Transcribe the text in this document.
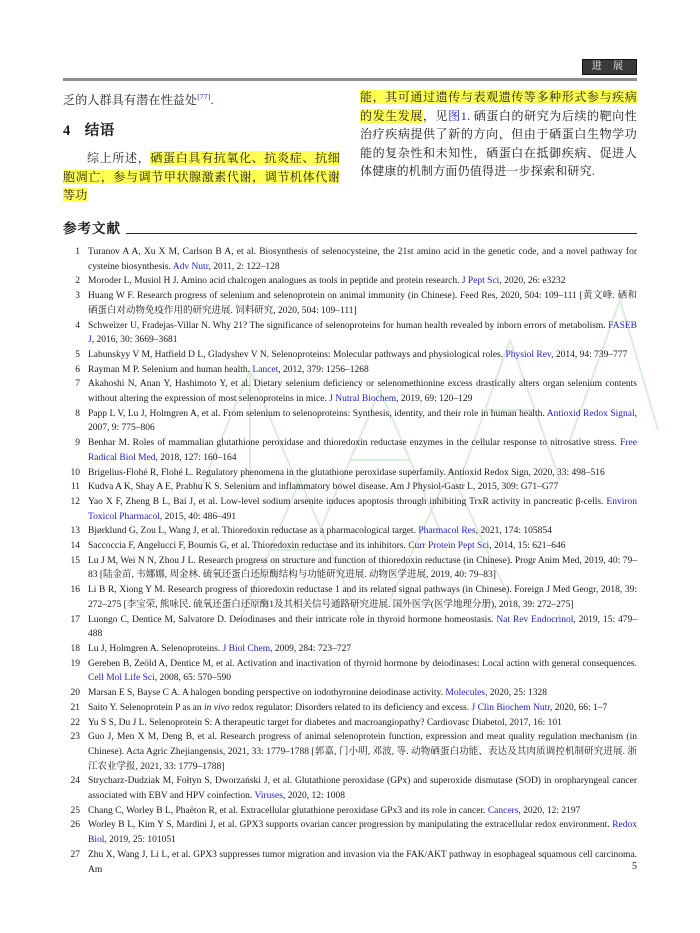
进 展

乏的人群具有潜在性益处[77].

4 结语

综上所述，硒蛋白具有抗氧化、抗炎症、抗细胞凋亡，参与调节甲状腺激素代谢，调节机体代谢等功

能，其可通过遗传与表观遗传等多种形式参与疾病的发生发展，见图1. 硒蛋白的研究为后续的靶向性治疗疾病提供了新的方向，但由于硒蛋白生物学功能的复杂性和未知性，硒蛋白在抵御疾病、促进人体健康的机制方面仍值得进一步探索和研究.

参考文献
1 Turanov A A, Xu X M, Carlson B A, et al. Biosynthesis of selenocysteine, the 21st amino acid in the genetic code, and a novel pathway for cysteine biosynthesis. Adv Nutr, 2011, 2: 122–128
2 Moroder L, Musiol H J. Amino acid chalcogen analogues as tools in peptide and protein research. J Pept Sci, 2020, 26: e3232
3 Huang W F. Research progress of selenium and selenoprotein on animal immunity (in Chinese). Feed Res, 2020, 504: 109–111 [黄文峰. 硒和硒蛋白对动物免疫作用的研究进展. 饲料研究, 2020, 504: 109–111]
4 Schweizer U, Fradejas-Villar N. Why 21? The significance of selenoproteins for human health revealed by inborn errors of metabolism. FASEB J, 2016, 30: 3669–3681
5 Labunskyy V M, Hatfield D L, Gladyshev V N. Selenoproteins: Molecular pathways and physiological roles. Physiol Rev, 2014, 94: 739–777
6 Rayman M P. Selenium and human health. Lancet, 2012, 379: 1256–1268
7 Akahoshi N, Anan Y, Hashimoto Y, et al. Dietary selenium deficiency or selenomethionine excess drastically alters organ selenium contents without altering the expression of most selenoproteins in mice. J Nutral Biochem, 2019, 69: 120–129
8 Papp L V, Lu J, Holmgren A, et al. From selenium to selenoproteins: Synthesis, identity, and their role in human health. Antioxid Redox Signal, 2007, 9: 775–806
9 Benhar M. Roles of mammalian glutathione peroxidase and thioredoxin reductase enzymes in the cellular response to nitrosative stress. Free Radical Biol Med, 2018, 127: 160–164
10 Brigelius-Flohé R, Flohé L. Regulatory phenomena in the glutathione peroxidase superfamily. Antioxid Redox Sign, 2020, 33: 498–516
11 Kudva A K, Shay A E, Prabhu K S. Selenium and inflammatory bowel disease. Am J Physiol-Gastr L, 2015, 309: G71–G77
12 Yao X F, Zheng B L, Bai J, et al. Low-level sodium arsenite induces apoptosis through inhibiting TrxR activity in pancreatic β-cells. Environ Toxicol Pharmacol, 2015, 40: 486–491
13 Bjørklund G, Zou L, Wang J, et al. Thioredoxin reductase as a pharmacological target. Pharmacol Res, 2021, 174: 105854
14 Saccoccia F, Angelucci F, Boumis G, et al. Thioredoxin reductase and its inhibitors. Curr Protein Pept Sci, 2014, 15: 621–646
15 Lu J M, Wei N N, Zhou J L. Research progress on structure and function of thioredoxin reductase (in Chinese). Progr Anim Med, 2019, 40: 79–83 [陆金苗, 韦娜娜, 周金林. 硫氧还蛋白还原酶结构与功能研究进展. 动物医学进展, 2019, 40: 79–83]
16 Li B R, Xiong Y M. Research progress of thioredoxin reductase 1 and its related signal pathways (in Chinese). Foreign J Med Geogr, 2018, 39: 272–275 [李宝荣, 熊咏民. 硫氧还蛋白还原酶1及其相关信号通路研究进展. 国外医学(医学地理分册), 2018, 39: 272–275]
17 Luongo C, Dentice M, Salvatore D. Deiodinases and their intricate role in thyroid hormone homeostasis. Nat Rev Endocrinol, 2019, 15: 479–488
18 Lu J, Holmgren A. Selenoproteins. J Biol Chem, 2009, 284: 723–727
19 Gereben B, Zeöld A, Dentice M, et al. Activation and inactivation of thyroid hormone by deiodinases: Local action with general consequences. Cell Mol Life Sci, 2008, 65: 570–590
20 Marsan E S, Bayse C A. A halogen bonding perspective on iodothyronine deiodinase activity. Molecules, 2020, 25: 1328
21 Saito Y. Selenoprotein P as an in vivo redox regulator: Disorders related to its deficiency and excess. J Clin Biochem Nutr, 2020, 66: 1–7
22 Yu S S, Du J L. Selenoprotein S: A therapeutic target for diabetes and macroangiopathy? Cardiovasc Diabetol, 2017, 16: 101
23 Guo J, Men X M, Deng B, et al. Research progress of animal selenoprotein function, expression and meat quality regulation mechanism (in Chinese). Acta Agric Zhejiangensis, 2021, 33: 1779–1788 [郭嘉, 门小明, 邓波, 等. 动物硒蛋白功能、表达及其肉质调控机制研究进展. 浙江农业学报, 2021, 33: 1779–1788]
24 Strycharz-Dudziak M, Fołtyn S, Dworzański J, et al. Glutathione peroxidase (GPx) and superoxide dismutase (SOD) in oropharyngeal cancer associated with EBV and HPV coinfection. Viruses, 2020, 12: 1008
25 Chang C, Worley B L, Phaëton R, et al. Extracellular glutathione peroxidase GPx3 and its role in cancer. Cancers, 2020, 12: 2197
26 Worley B L, Kim Y S, Mardini J, et al. GPX3 supports ovarian cancer progression by manipulating the extracellular redox environment. Redox Biol, 2019, 25: 101051
27 Zhu X, Wang J, Li L, et al. GPX3 suppresses tumor migration and invasion via the FAK/AKT pathway in esophageal squamous cell carcinoma. Am	5
